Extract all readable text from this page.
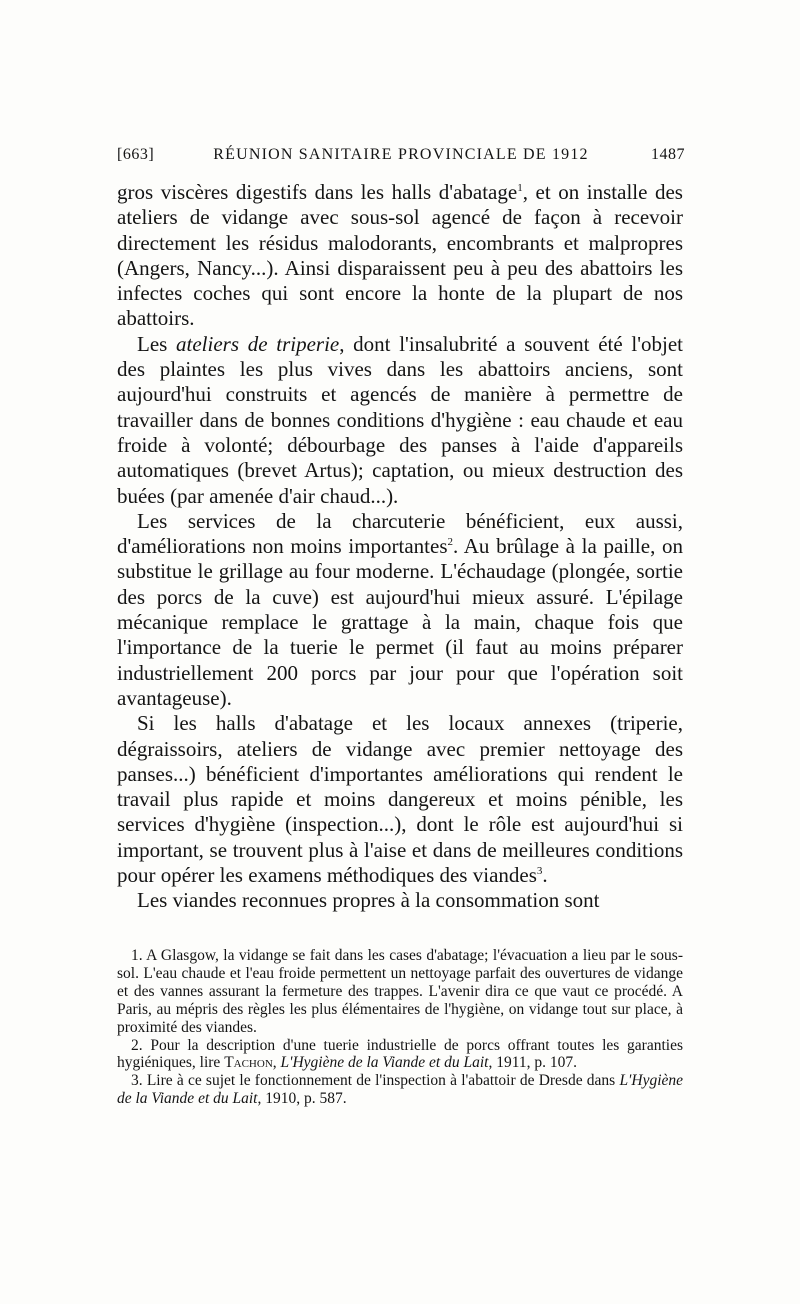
[663]	RÉUNION SANITAIRE PROVINCIALE DE 1912	1487

gros viscères digestifs dans les halls d'abatage$^1$, et on installe des ateliers de vidange avec sous-sol agencé de façon à recevoir directement les résidus malodorants, encombrants et malpropres (Angers, Nancy...). Ainsi disparaissent peu à peu des abattoirs les infectes coches qui sont encore la honte de la plupart de nos abattoirs.

Les ateliers de triperie, dont l'insalubrité a souvent été l'objet des plaintes les plus vives dans les abattoirs anciens, sont aujourd'hui construits et agencés de manière à permettre de travailler dans de bonnes conditions d'hygiène : eau chaude et eau froide à volonté; débourbage des panses à l'aide d'appareils automatiques (brevet Artus); captation, ou mieux destruction des buées (par amenée d'air chaud...).

Les services de la charcuterie bénéficient, eux aussi, d'améliorations non moins importantes$^2$. Au brûlage à la paille, on substitue le grillage au four moderne. L'échaudage (plongée, sortie des porcs de la cuve) est aujourd'hui mieux assuré. L'épilage mécanique remplace le grattage à la main, chaque fois que l'importance de la tuerie le permet (il faut au moins préparer industriellement 200 porcs par jour pour que l'opération soit avantageuse).

Si les halls d'abatage et les locaux annexes (triperie, dégraissoirs, ateliers de vidange avec premier nettoyage des panses...) bénéficient d'importantes améliorations qui rendent le travail plus rapide et moins dangereux et moins pénible, les services d'hygiène (inspection...), dont le rôle est aujourd'hui si important, se trouvent plus à l'aise et dans de meilleures conditions pour opérer les examens méthodiques des viandes$^3$.

Les viandes reconnues propres à la consommation sont

1. A Glasgow, la vidange se fait dans les cases d'abatage; l'évacuation a lieu par le sous-sol. L'eau chaude et l'eau froide permettent un nettoyage parfait des ouvertures de vidange et des vannes assurant la fermeture des trappes. L'avenir dira ce que vaut ce procédé. A Paris, au mépris des règles les plus élémentaires de l'hygiène, on vidange tout sur place, à proximité des viandes.

2. Pour la description d'une tuerie industrielle de porcs offrant toutes les garanties hygiéniques, lire Tachon, L'Hygiène de la Viande et du Lait, 1911, p. 107.

3. Lire à ce sujet le fonctionnement de l'inspection à l'abattoir de Dresde dans L'Hygiène de la Viande et du Lait, 1910, p. 587.
